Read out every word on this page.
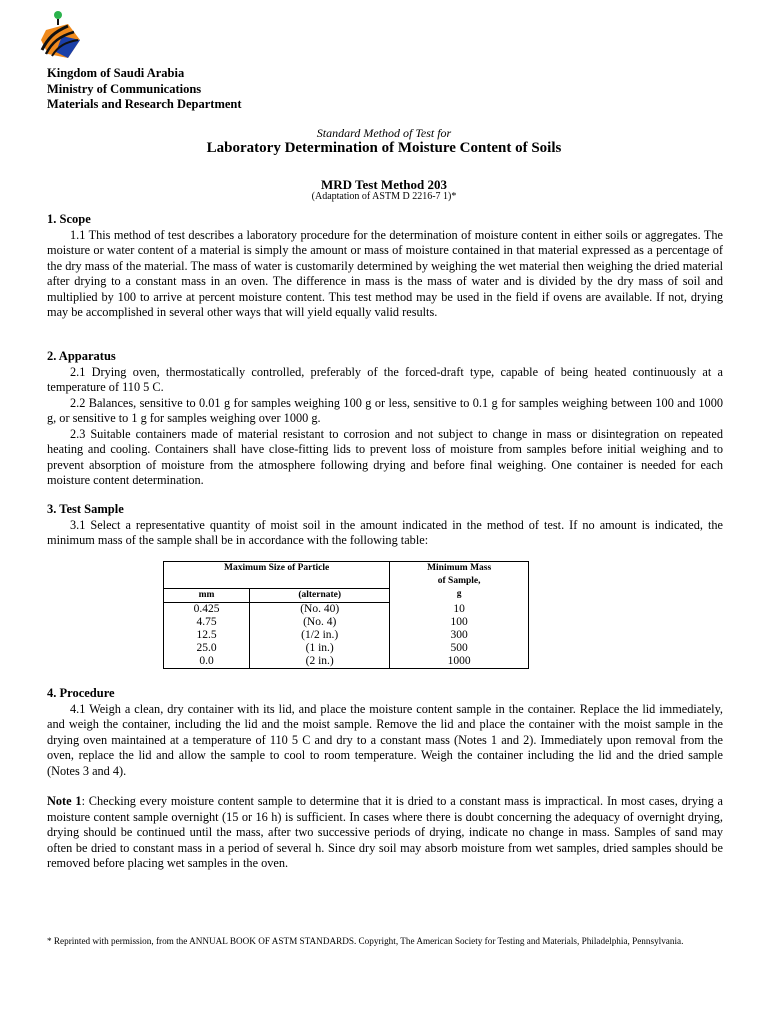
Kingdom of Saudi Arabia
Ministry of Communications
Materials and Research Department
Standard Method of Test for
Laboratory Determination of Moisture Content of Soils
MRD Test Method 203
(Adaptation of ASTM D 2216-7 1)*
1. Scope

1.1 This method of test describes a laboratory procedure for the determination of moisture content in either soils or aggregates. The moisture or water content of a material is simply the amount or mass of moisture contained in that material expressed as a percentage of the dry mass of the material. The mass of water is customarily determined by weighing the wet material then weighing the dried material after drying to a constant mass in an oven. The difference in mass is the mass of water and is divided by the dry mass of soil and multiplied by 100 to arrive at percent moisture content. This test method may be used in the field if ovens are available. If not, drying may be accomplished in several other ways that will yield equally valid results.

2. Apparatus

2.1 Drying oven, thermostatically controlled, preferably of the forced-draft type, capable of being heated continuously at a temperature of 110 5 C.

2.2 Balances, sensitive to 0.01 g for samples weighing 100 g or less, sensitive to 0.1 g for samples weighing between 100 and 1000 g, or sensitive to 1 g for samples weighing over 1000 g.

2.3 Suitable containers made of material resistant to corrosion and not subject to change in mass or disintegration on repeated heating and cooling. Containers shall have close-fitting lids to prevent loss of moisture from samples before initial weighing and to prevent absorption of moisture from the atmosphere following drying and before final weighing. One container is needed for each moisture content determination.

3. Test Sample

3.1 Select a representative quantity of moist soil in the amount indicated in the method of test. If no amount is indicated, the minimum mass of the sample shall be in accordance with the following table:

Maximum Size of Particle		Minimum Mass
of Sample,
g

mm	(alternate)	
0.425	(No. 40)	10
4.75	(No. 4)	100
12.5	(1/2 in.)	300
25.0	(1 in.)	500
0.0	(2 in.)	1000
4. Procedure

4.1 Weigh a clean, dry container with its lid, and place the moisture content sample in the container. Replace the lid immediately, and weigh the container, including the lid and the moist sample. Remove the lid and place the container with the moist sample in the drying oven maintained at a temperature of 110 5 C and dry to a constant mass (Notes 1 and 2). Immediately upon removal from the oven, replace the lid and allow the sample to cool to room temperature. Weigh the container including the lid and the dried sample (Notes 3 and 4).

Note 1: Checking every moisture content sample to determine that it is dried to a constant mass is impractical. In most cases, drying a moisture content sample overnight (15 or 16 h) is sufficient. In cases where there is doubt concerning the adequacy of overnight drying, drying should be continued until the mass, after two successive periods of drying, indicate no change in mass. Samples of sand may often be dried to constant mass in a period of several h. Since dry soil may absorb moisture from wet samples, dried samples should be removed before placing wet samples in the oven.

* Reprinted with permission, from the ANNUAL BOOK OF ASTM STANDARDS. Copyright, The American Society for Testing and Materials, Philadelphia, Pennsylvania.
